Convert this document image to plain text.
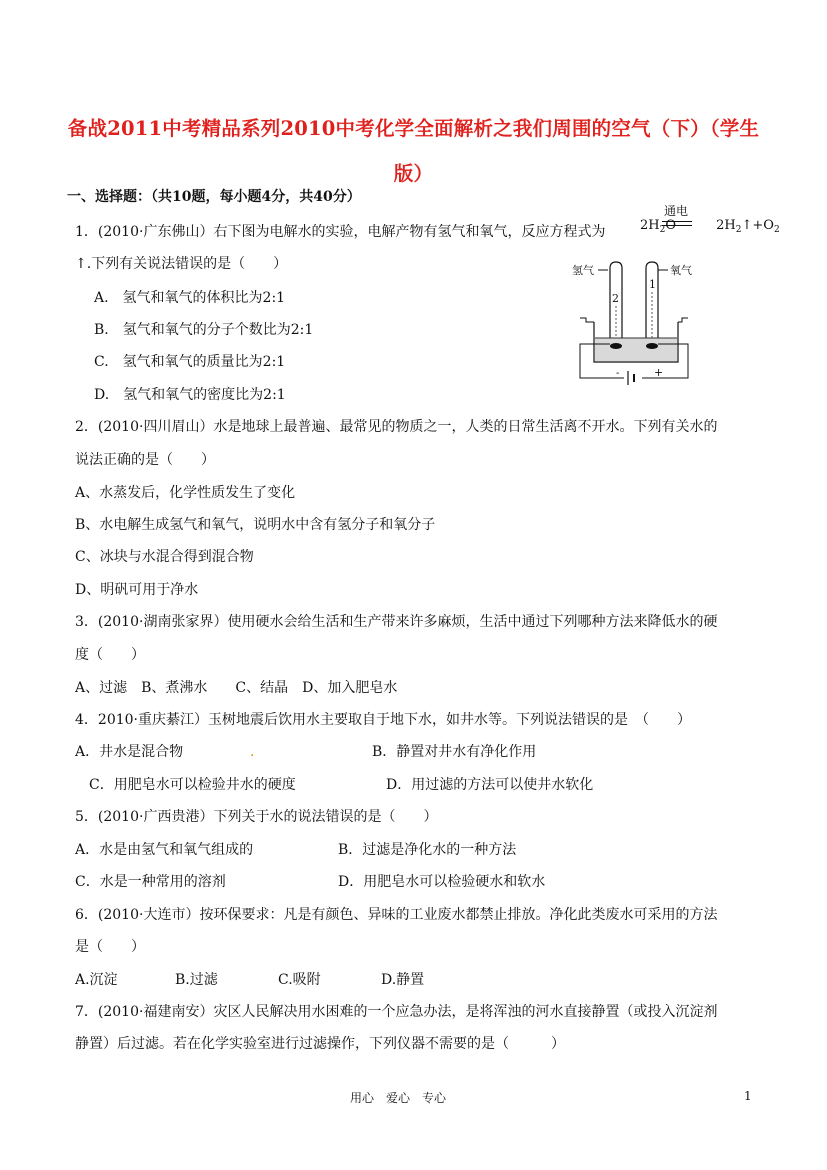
备战2011中考精品系列2010中考化学全面解析之我们周围的空气（下）（学生版）
一、选择题：（共10题，每小题4分，共40分）
1．(2010·广东佛山）右下图为电解水的实验，电解产物有氢气和氧气，反应方程式为	$2H_2O$
通电
$2H_2↑+O_2$
↑.下列有关说法错误的是（　　）
A.　氢气和氧气的体积比为2:1
B.　氢气和氧气的分子个数比为2:1
C.　氢气和氧气的质量比为2:1
D.　氢气和氧气的密度比为2:1
氢气	氧气
2
1
-	+
2．(2010·四川眉山）水是地球上最普遍、最常见的物质之一，人类的日常生活离不开水。下列有关水的
说法正确的是（　　）
A、水蒸发后，化学性质发生了变化
B、水电解生成氢气和氧气，说明水中含有氢分子和氧分子
C、冰块与水混合得到混合物
D、明矾可用于净水
3．(2010·湖南张家界）使用硬水会给生活和生产带来许多麻烦，生活中通过下列哪种方法来降低水的硬
度（　　）
A、过滤　B、煮沸水　　C、结晶　D、加入肥皂水
4．2010·重庆綦江）玉树地震后饮用水主要取自于地下水，如井水等。下列说法错误的是　（　　）
A．井水是混合物	.	B．静置对井水有净化作用
C．用肥皂水可以检验井水的硬度	D．用过滤的方法可以使井水软化
5．(2010·广西贵港）下列关于水的说法错误的是（　　）
A．水是由氢气和氧气组成的	B．过滤是净化水的一种方法
C．水是一种常用的溶剂	D．用肥皂水可以检验硬水和软水
6．(2010·大连市）按环保要求：凡是有颜色、异味的工业废水都禁止排放。净化此类废水可采用的方法
是（　　）
A.沉淀	B.过滤	C.吸附	D.静置
7．(2010·福建南安）灾区人民解决用水困难的一个应急办法，是将浑浊的河水直接静置（或投入沉淀剂
静置）后过滤。若在化学实验室进行过滤操作，下列仪器不需要的是（　　　）
用心　爱心　专心	1
